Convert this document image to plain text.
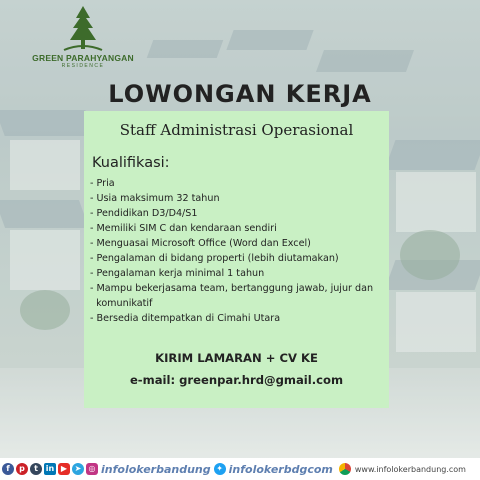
GREEN PARAHYANGAN
RESIDENCE
LOWONGAN KERJA
Staff Administrasi Operasional
Kualifikasi:
- Pria
- Usia maksimum 32 tahun
- Pendidikan D3/D4/S1
- Memiliki SIM C dan kendaraan sendiri
- Menguasai Microsoft Office (Word dan Excel)
- Pengalaman di bidang properti (lebih diutamakan)
- Pengalaman kerja minimal 1 tahun
- Mampu bekerjasama team, bertanggung jawab, jujur dan
komunikatif
- Bersedia ditempatkan di Cimahi Utara
KIRIM LAMARAN + CV KE
e-mail: greenpar.hrd@gmail.com
f	p	t in ▶ ➤ ◎ infolokerbandung ✦ infolokerbdgcom	www.infolokerbandung.com
